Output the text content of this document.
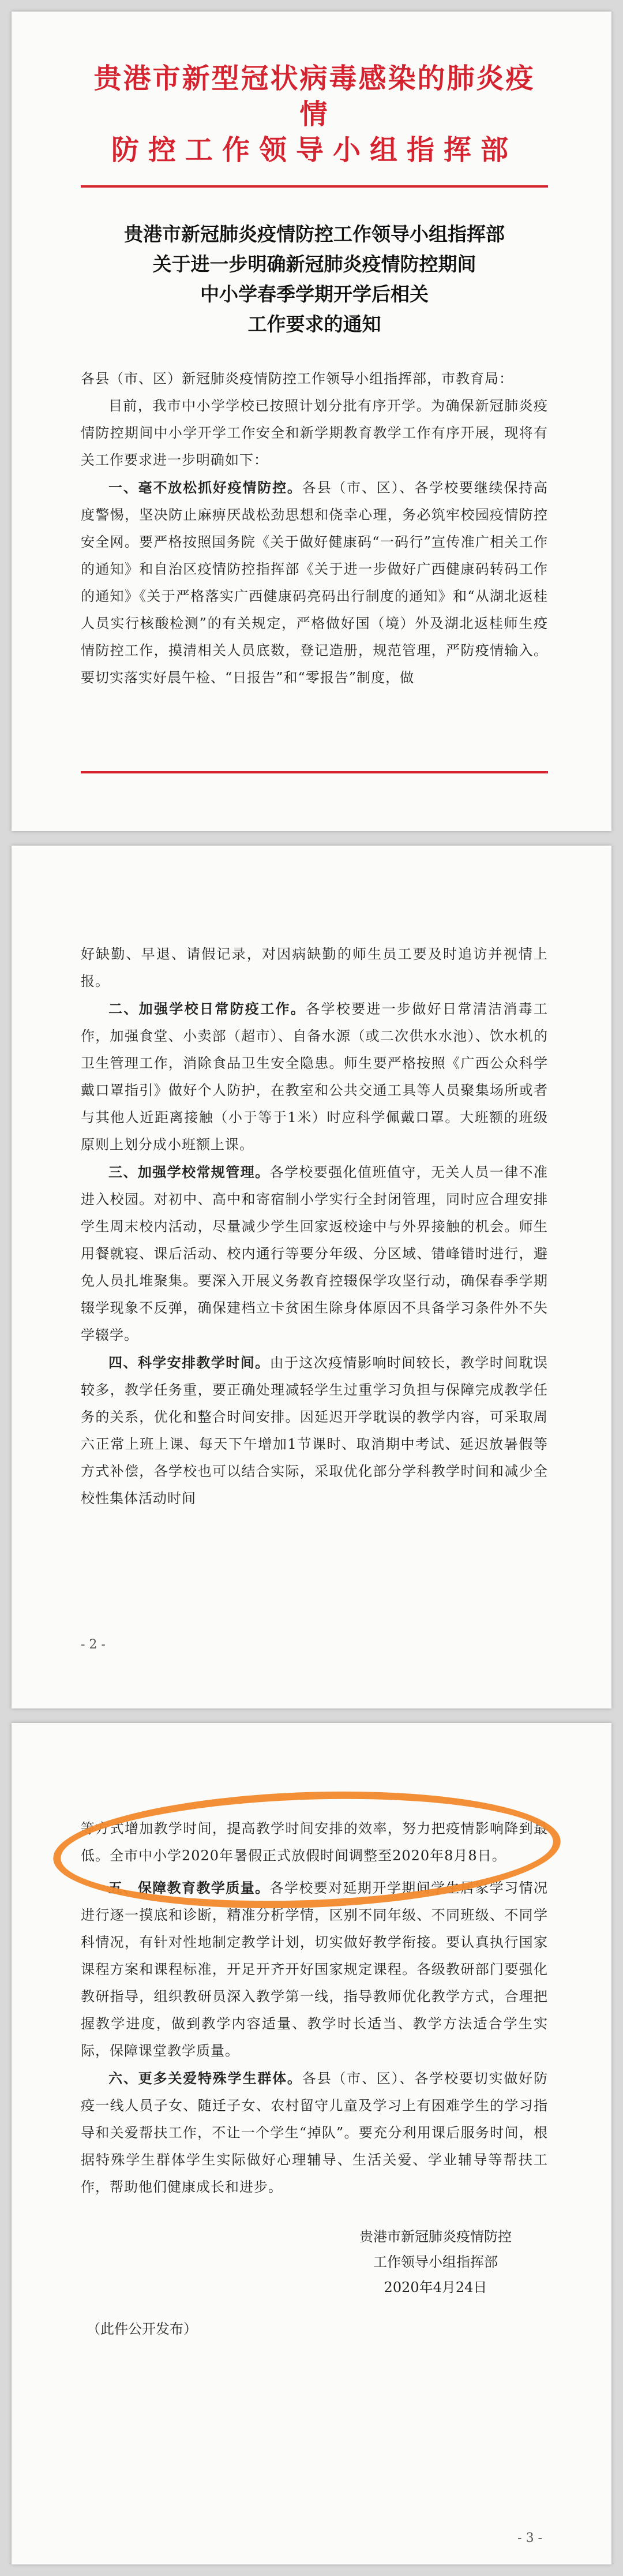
贵港市新型冠状病毒感染的肺炎疫情
防控工作领导小组指挥部
贵港市新冠肺炎疫情防控工作领导小组指挥部
关于进一步明确新冠肺炎疫情防控期间
中小学春季学期开学后相关
工作要求的通知

各县（市、区）新冠肺炎疫情防控工作领导小组指挥部，市教育局：

目前，我市中小学学校已按照计划分批有序开学。为确保新冠肺炎疫情防控期间中小学开学工作安全和新学期教育教学工作有序开展，现将有关工作要求进一步明确如下：

一、毫不放松抓好疫情防控。各县（市、区）、各学校要继续保持高度警惕，坚决防止麻痹厌战松劲思想和侥幸心理，务必筑牢校园疫情防控安全网。要严格按照国务院《关于做好健康码“一码行”宣传准广相关工作的通知》和自治区疫情防控指挥部《关于进一步做好广西健康码转码工作的通知》《关于严格落实广西健康码亮码出行制度的通知》和“从湖北返桂人员实行核酸检测”的有关规定，严格做好国（境）外及湖北返桂师生疫情防控工作，摸清相关人员底数，登记造册，规范管理，严防疫情输入。要切实落实好晨午检、“日报告”和“零报告”制度，做

好缺勤、早退、请假记录，对因病缺勤的师生员工要及时追访并视情上报。

二、加强学校日常防疫工作。各学校要进一步做好日常清洁消毒工作，加强食堂、小卖部（超市）、自备水源（或二次供水水池）、饮水机的卫生管理工作，消除食品卫生安全隐患。师生要严格按照《广西公众科学戴口罩指引》做好个人防护，在教室和公共交通工具等人员聚集场所或者与其他人近距离接触（小于等于1米）时应科学佩戴口罩。大班额的班级原则上划分成小班额上课。

三、加强学校常规管理。各学校要强化值班值守，无关人员一律不准进入校园。对初中、高中和寄宿制小学实行全封闭管理，同时应合理安排学生周末校内活动，尽量减少学生回家返校途中与外界接触的机会。师生用餐就寝、课后活动、校内通行等要分年级、分区域、错峰错时进行，避免人员扎堆聚集。要深入开展义务教育控辍保学攻坚行动，确保春季学期辍学现象不反弹，确保建档立卡贫困生除身体原因不具备学习条件外不失学辍学。

四、科学安排教学时间。由于这次疫情影响时间较长，教学时间耽误较多，教学任务重，要正确处理减轻学生过重学习负担与保障完成教学任务的关系，优化和整合时间安排。因延迟开学耽误的教学内容，可采取周六正常上班上课、每天下午增加1节课时、取消期中考试、延迟放暑假等方式补偿，各学校也可以结合实际，采取优化部分学科教学时间和减少全校性集体活动时间

- 2 -

等方式增加教学时间，提高教学时间安排的效率，努力把疫情影响降到最低。全市中小学2020年暑假正式放假时间调整至2020年8月8日。

五、保障教育教学质量。各学校要对延期开学期间学生居家学习情况进行逐一摸底和诊断，精准分析学情，区别不同年级、不同班级、不同学科情况，有针对性地制定教学计划，切实做好教学衔接。要认真执行国家课程方案和课程标准，开足开齐开好国家规定课程。各级教研部门要强化教研指导，组织教研员深入教学第一线，指导教师优化教学方式，合理把握教学进度，做到教学内容适量、教学时长适当、教学方法适合学生实际，保障课堂教学质量。

六、更多关爱特殊学生群体。各县（市、区）、各学校要切实做好防疫一线人员子女、随迁子女、农村留守儿童及学习上有困难学生的学习指导和关爱帮扶工作，不让一个学生“掉队”。要充分利用课后服务时间，根据特殊学生群体学生实际做好心理辅导、生活关爱、学业辅导等帮扶工作，帮助他们健康成长和进步。

贵港市新冠肺炎疫情防控
工作领导小组指挥部
2020年4月24日
（此件公开发布）
- 3 -
